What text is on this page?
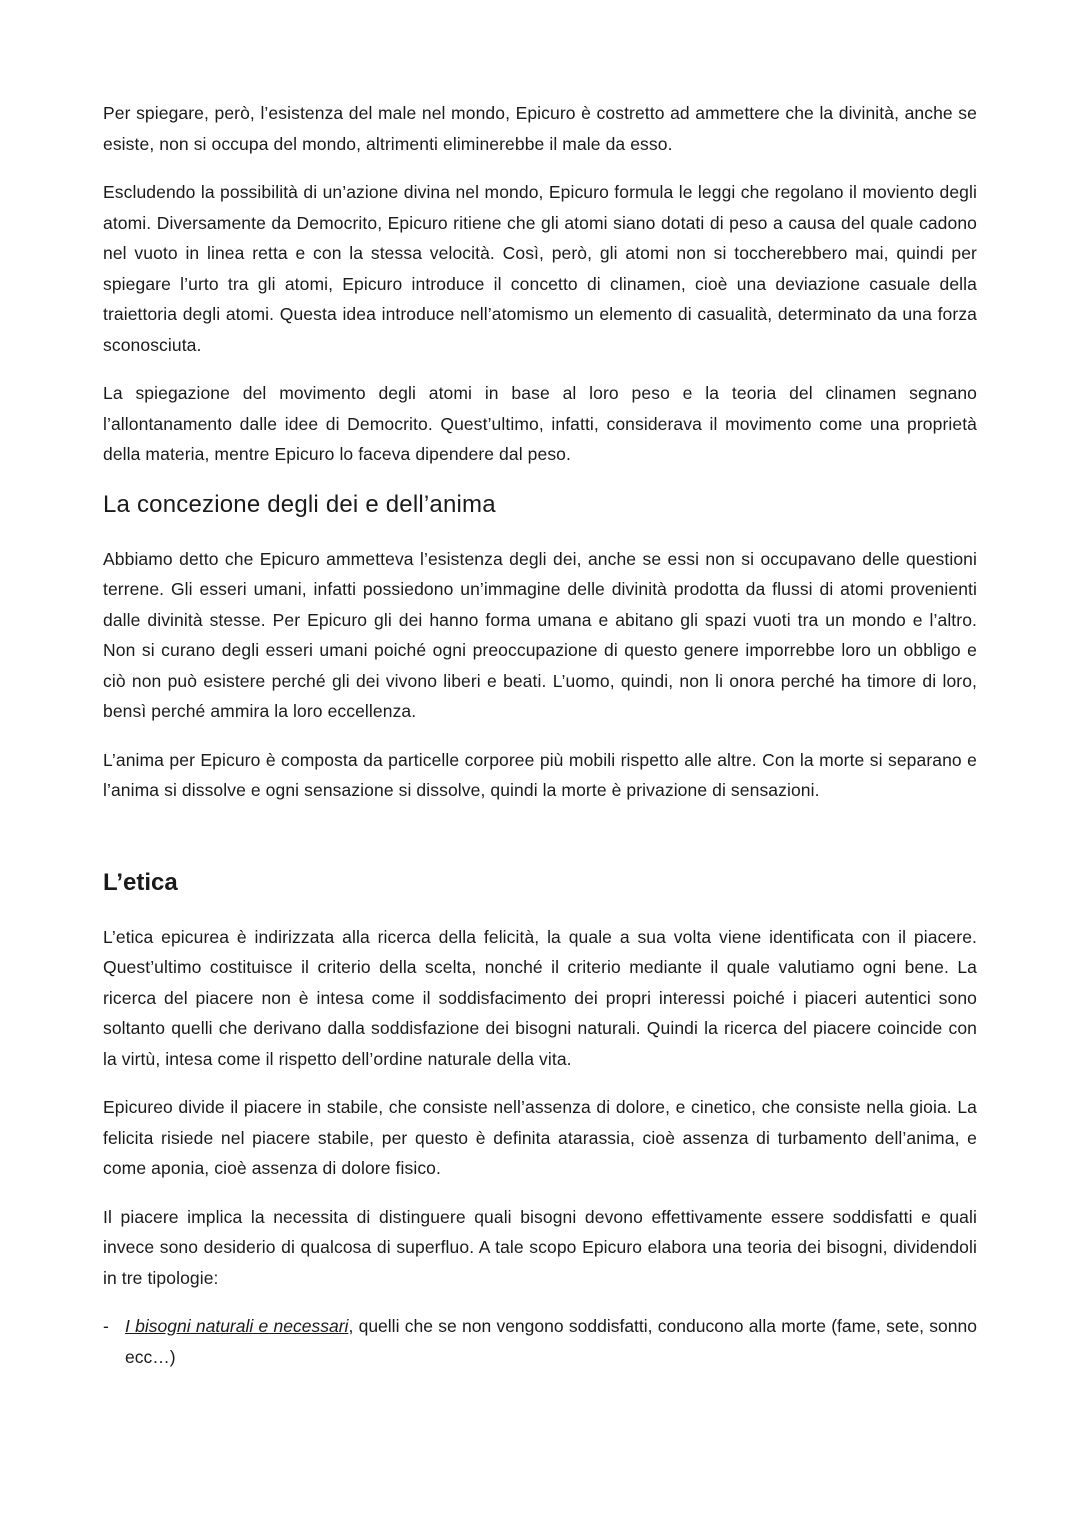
Per spiegare, però, l’esistenza del male nel mondo, Epicuro è costretto ad ammettere che la divinità, anche se esiste, non si occupa del mondo, altrimenti eliminerebbe il male da esso.

Escludendo la possibilità di un’azione divina nel mondo, Epicuro formula le leggi che regolano il moviento degli atomi. Diversamente da Democrito, Epicuro ritiene che gli atomi siano dotati di peso a causa del quale cadono nel vuoto in linea retta e con la stessa velocità. Così, però, gli atomi non si toccherebbero mai, quindi per spiegare l’urto tra gli atomi, Epicuro introduce il concetto di clinamen, cioè una deviazione casuale della traiettoria degli atomi. Questa idea introduce nell’atomismo un elemento di casualità, determinato da una forza sconosciuta.

La spiegazione del movimento degli atomi in base al loro peso e la teoria del clinamen segnano l’allontanamento dalle idee di Democrito. Quest’ultimo, infatti, considerava il movimento come una proprietà della materia, mentre Epicuro lo faceva dipendere dal peso.

La concezione degli dei e dell’anima

Abbiamo detto che Epicuro ammetteva l’esistenza degli dei, anche se essi non si occupavano delle questioni terrene. Gli esseri umani, infatti possiedono un’immagine delle divinità prodotta da flussi di atomi provenienti dalle divinità stesse. Per Epicuro gli dei hanno forma umana e abitano gli spazi vuoti tra un mondo e l’altro. Non si curano degli esseri umani poiché ogni preoccupazione di questo genere imporrebbe loro un obbligo e ciò non può esistere perché gli dei vivono liberi e beati. L’uomo, quindi, non li onora perché ha timore di loro, bensì perché ammira la loro eccellenza.

L’anima per Epicuro è composta da particelle corporee più mobili rispetto alle altre. Con la morte si separano e l’anima si dissolve e ogni sensazione si dissolve, quindi la morte è privazione di sensazioni.

L’etica

L’etica epicurea è indirizzata alla ricerca della felicità, la quale a sua volta viene identificata con il piacere. Quest’ultimo costituisce il criterio della scelta, nonché il criterio mediante il quale valutiamo ogni bene. La ricerca del piacere non è intesa come il soddisfacimento dei propri interessi poiché i piaceri autentici sono soltanto quelli che derivano dalla soddisfazione dei bisogni naturali. Quindi la ricerca del piacere coincide con la virtù, intesa come il rispetto dell’ordine naturale della vita.

Epicureo divide il piacere in stabile, che consiste nell’assenza di dolore, e cinetico, che consiste nella gioia. La felicita risiede nel piacere stabile, per questo è definita atarassia, cioè assenza di turbamento dell’anima, e come aponia, cioè assenza di dolore fisico.

Il piacere implica la necessita di distinguere quali bisogni devono effettivamente essere soddisfatti e quali invece sono desiderio di qualcosa di superfluo. A tale scopo Epicuro elabora una teoria dei bisogni, dividendoli in tre tipologie:

- I bisogni naturali e necessari, quelli che se non vengono soddisfatti, conducono alla morte (fame, sete, sonno ecc…)
